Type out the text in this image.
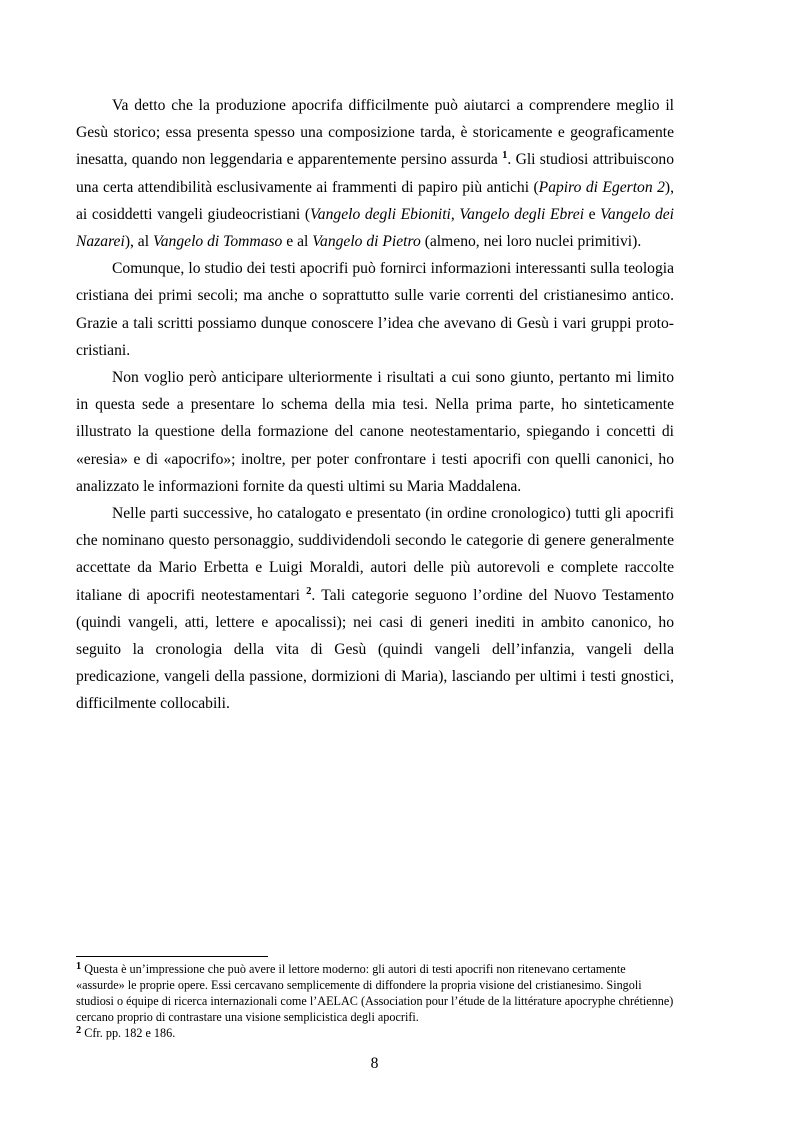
Va detto che la produzione apocrifa difficilmente può aiutarci a comprendere meglio il Gesù storico; essa presenta spesso una composizione tarda, è storicamente e geograficamente inesatta, quando non leggendaria e apparentemente persino assurda $^1$. Gli studiosi attribuiscono una certa attendibilità esclusivamente ai frammenti di papiro più antichi (Papiro di Egerton 2), ai cosiddetti vangeli giudeocristiani (Vangelo degli Ebioniti, Vangelo degli Ebrei e Vangelo dei Nazarei), al Vangelo di Tommaso e al Vangelo di Pietro (almeno, nei loro nuclei primitivi).

Comunque, lo studio dei testi apocrifi può fornirci informazioni interessanti sulla teologia cristiana dei primi secoli; ma anche o soprattutto sulle varie correnti del cristianesimo antico. Grazie a tali scritti possiamo dunque conoscere l’idea che avevano di Gesù i vari gruppi proto-cristiani.

Non voglio però anticipare ulteriormente i risultati a cui sono giunto, pertanto mi limito in questa sede a presentare lo schema della mia tesi. Nella prima parte, ho sinteticamente illustrato la questione della formazione del canone neotestamentario, spiegando i concetti di «eresia» e di «apocrifo»; inoltre, per poter confrontare i testi apocrifi con quelli canonici, ho analizzato le informazioni fornite da questi ultimi su Maria Maddalena.

Nelle parti successive, ho catalogato e presentato (in ordine cronologico) tutti gli apocrifi che nominano questo personaggio, suddividendoli secondo le categorie di genere generalmente accettate da Mario Erbetta e Luigi Moraldi, autori delle più autorevoli e complete raccolte italiane di apocrifi neotestamentari $^2$. Tali categorie seguono l’ordine del Nuovo Testamento (quindi vangeli, atti, lettere e apocalissi); nei casi di generi inediti in ambito canonico, ho seguito la cronologia della vita di Gesù (quindi vangeli dell’infanzia, vangeli della predicazione, vangeli della passione, dormizioni di Maria), lasciando per ultimi i testi gnostici, difficilmente collocabili.

$^1$ Questa è un’impressione che può avere il lettore moderno: gli autori di testi apocrifi non ritenevano certamente «assurde» le proprie opere. Essi cercavano semplicemente di diffondere la propria visione del cristianesimo. Singoli studiosi o équipe di ricerca internazionali come l’AELAC (Association pour l’étude de la littérature apocryphe chrétienne) cercano proprio di contrastare una visione semplicistica degli apocrifi.

$^2$ Cfr. pp. 182 e 186.

8
